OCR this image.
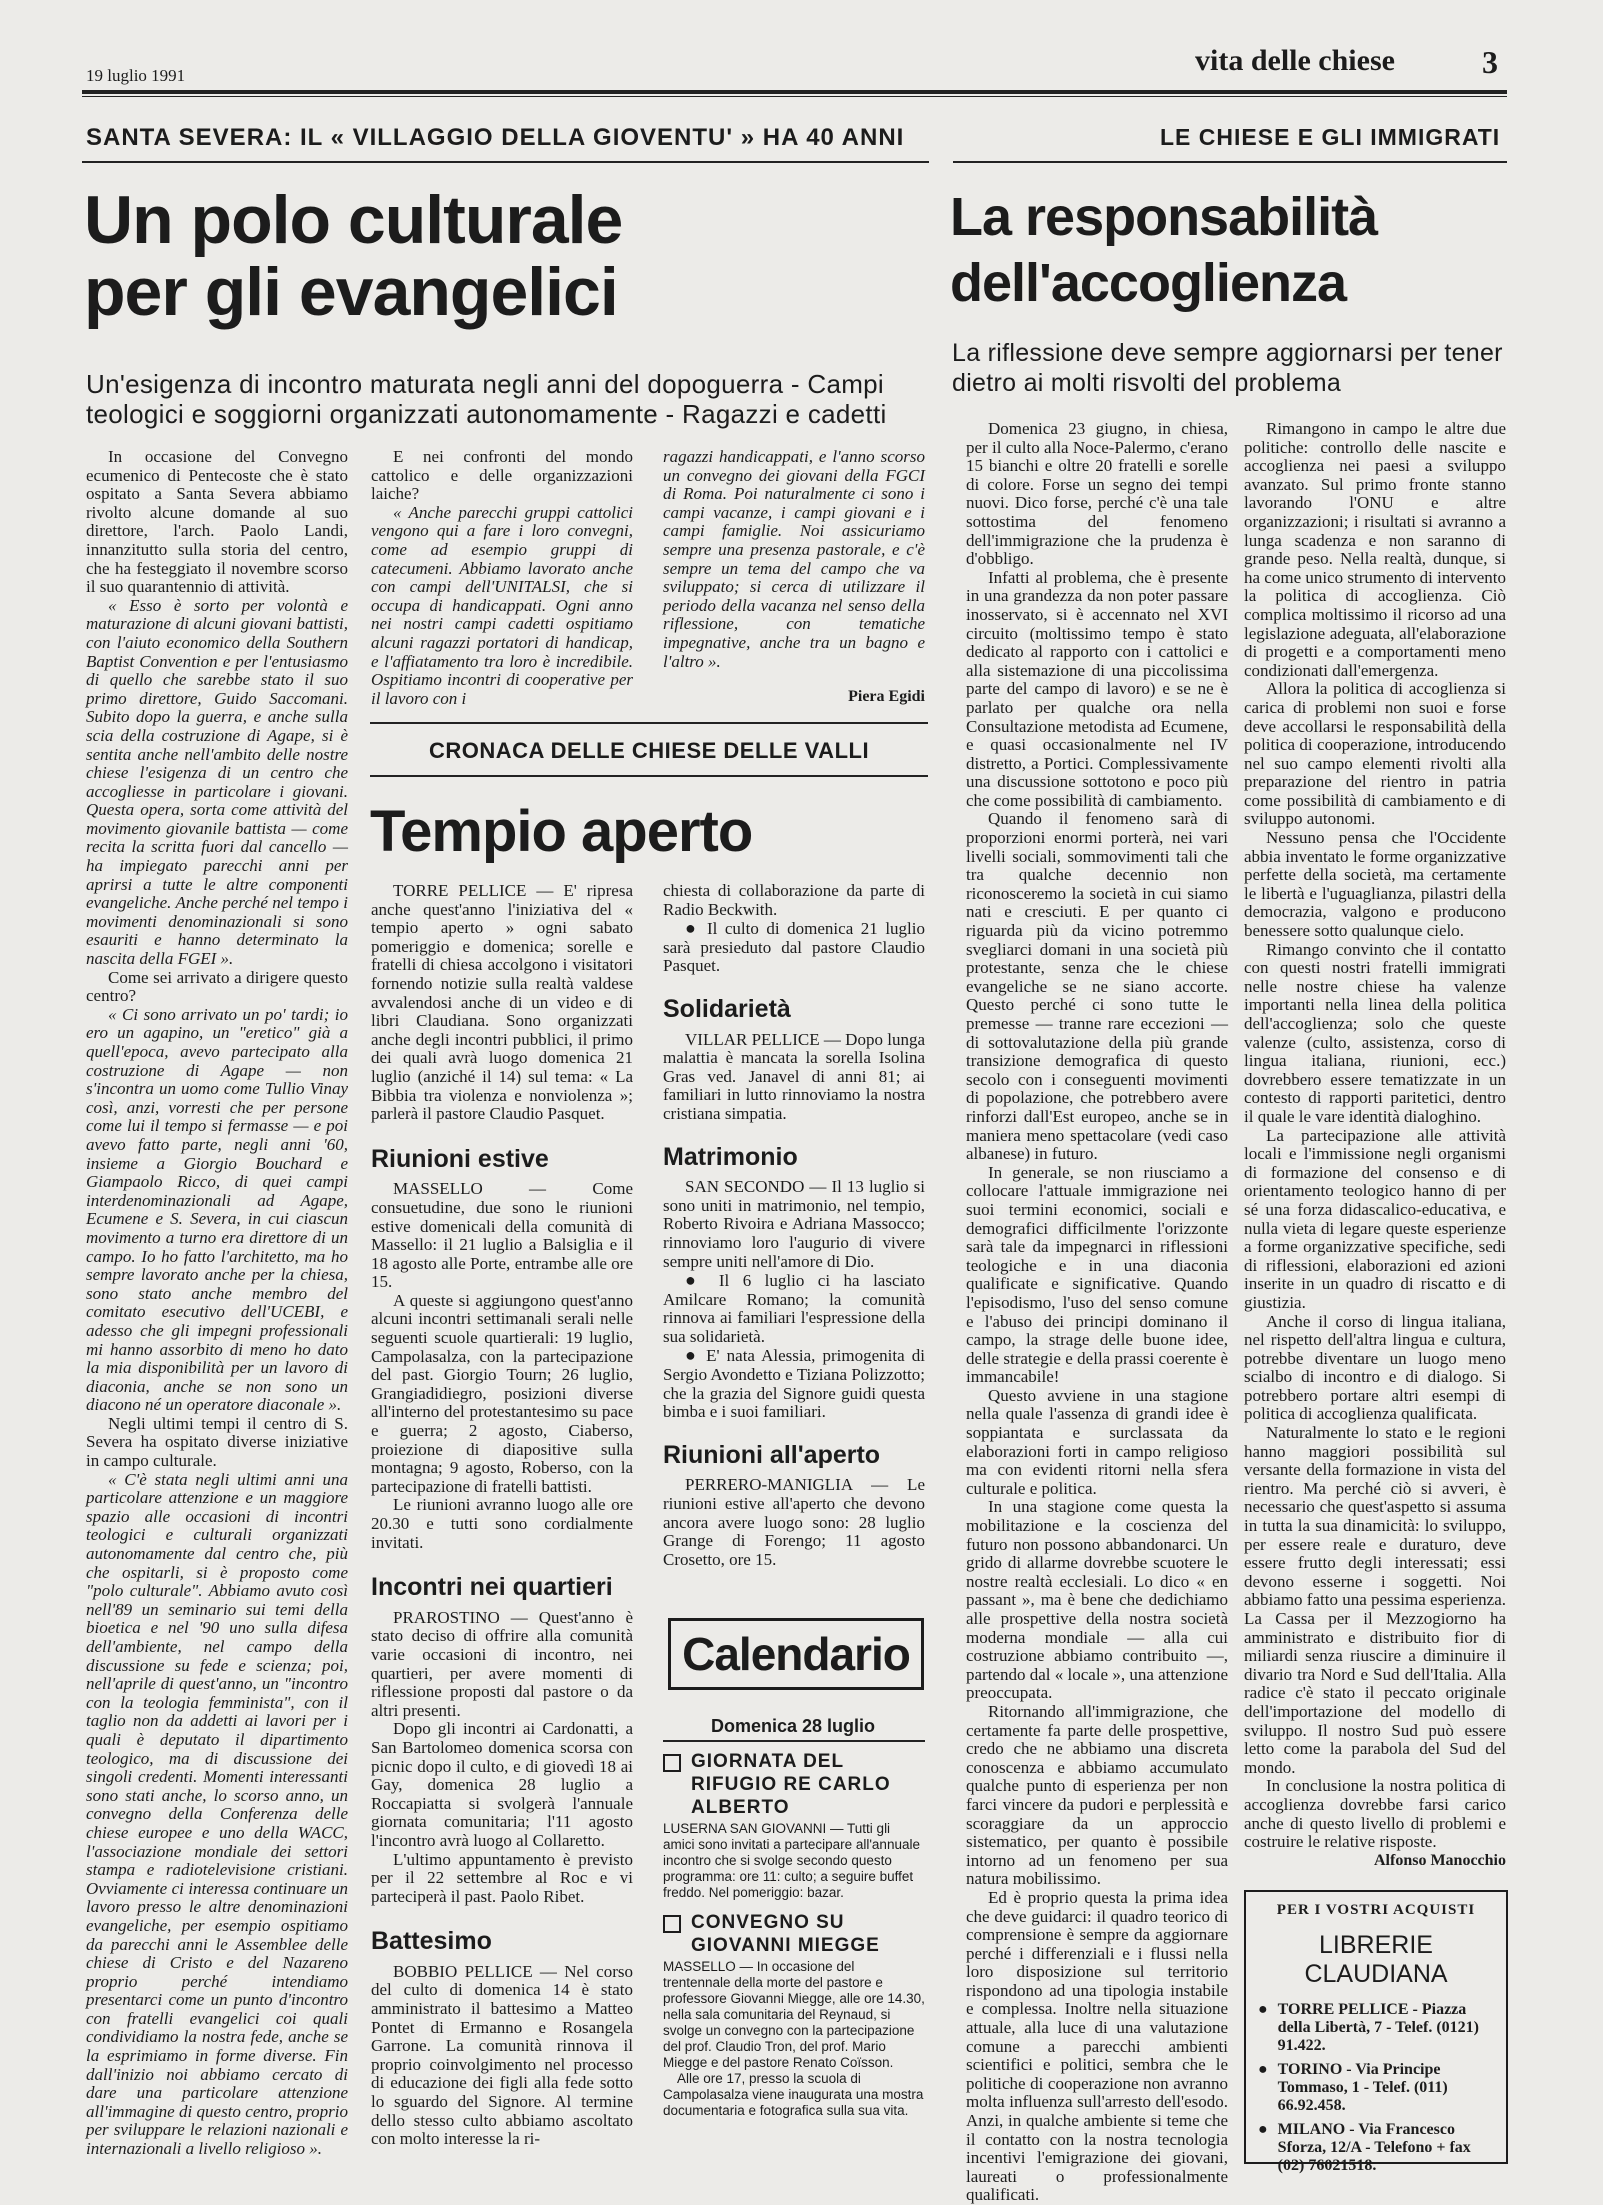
19 luglio 1991	vita delle chiese	3
SANTA SEVERA: IL « VILLAGGIO DELLA GIOVENTU' » HA 40 ANNI
Un polo culturale
per gli evangelici
Un'esigenza di incontro maturata negli anni del dopoguerra - Campi teologici e soggiorni organizzati autonomamente - Ragazzi e cadetti

In occasione del Convegno ecumenico di Pentecoste che è stato ospitato a Santa Severa abbiamo rivolto alcune domande al suo direttore, l'arch. Paolo Landi, innanzitutto sulla storia del centro, che ha festeggiato il novembre scorso il suo quarantennio di attività.

« Esso è sorto per volontà e maturazione di alcuni giovani battisti, con l'aiuto economico della Southern Baptist Convention e per l'entusiasmo di quello che sarebbe stato il suo primo direttore, Guido Saccomani. Subito dopo la guerra, e anche sulla scia della costruzione di Agape, si è sentita anche nell'ambito delle nostre chiese l'esigenza di un centro che accogliesse in particolare i giovani. Questa opera, sorta come attività del movimento giovanile battista — come recita la scritta fuori dal cancello — ha impiegato parecchi anni per aprirsi a tutte le altre componenti evangeliche. Anche perché nel tempo i movimenti denominazionali si sono esauriti e hanno determinato la nascita della FGEI ».

Come sei arrivato a dirigere questo centro?

« Ci sono arrivato un po' tardi; io ero un agapino, un "eretico" già a quell'epoca, avevo partecipato alla costruzione di Agape — non s'incontra un uomo come Tullio Vinay così, anzi, vorresti che per persone come lui il tempo si fermasse — e poi avevo fatto parte, negli anni '60, insieme a Giorgio Bouchard e Giampaolo Ricco, di quei campi interdenominazionali ad Agape, Ecumene e S. Severa, in cui ciascun movimento a turno era direttore di un campo. Io ho fatto l'architetto, ma ho sempre lavorato anche per la chiesa, sono stato anche membro del comitato esecutivo dell'UCEBI, e adesso che gli impegni professionali mi hanno assorbito di meno ho dato la mia disponibilità per un lavoro di diaconia, anche se non sono un diacono né un operatore diaconale ».

Negli ultimi tempi il centro di S. Severa ha ospitato diverse iniziative in campo culturale.

« C'è stata negli ultimi anni una particolare attenzione e un maggiore spazio alle occasioni di incontri teologici e culturali organizzati autonomamente dal centro che, più che ospitarli, si è proposto come "polo culturale". Abbiamo avuto così nell'89 un seminario sui temi della bioetica e nel '90 uno sulla difesa dell'ambiente, nel campo della discussione su fede e scienza; poi, nell'aprile di quest'anno, un "incontro con la teologia femminista", con il taglio non da addetti ai lavori per i quali è deputato il dipartimento teologico, ma di discussione dei singoli credenti. Momenti interessanti sono stati anche, lo scorso anno, un convegno della Conferenza delle chiese europee e uno della WACC, l'associazione mondiale dei settori stampa e radiotelevisione cristiani. Ovviamente ci interessa continuare un lavoro presso le altre denominazioni evangeliche, per esempio ospitiamo da parecchi anni le Assemblee delle chiese di Cristo e del Nazareno proprio perché intendiamo presentarci come un punto d'incontro con fratelli evangelici coi quali condividiamo la nostra fede, anche se la esprimiamo in forme diverse. Fin dall'inizio noi abbiamo cercato di dare una particolare attenzione all'immagine di questo centro, proprio per sviluppare le relazioni nazionali e internazionali a livello religioso ».

E nei confronti del mondo cattolico e delle organizzazioni laiche?

« Anche parecchi gruppi cattolici vengono qui a fare i loro convegni, come ad esempio gruppi di catecumeni. Abbiamo lavorato anche con campi dell'UNITALSI, che si occupa di handicappati. Ogni anno nei nostri campi cadetti ospitiamo alcuni ragazzi portatori di handicap, e l'affiatamento tra loro è incredibile. Ospitiamo incontri di cooperative per il lavoro con i

ragazzi handicappati, e l'anno scorso un convegno dei giovani della FGCI di Roma. Poi naturalmente ci sono i campi vacanze, i campi giovani e i campi famiglie. Noi assicuriamo sempre una presenza pastorale, e c'è sempre un tema del campo che va sviluppato; si cerca di utilizzare il periodo della vacanza nel senso della riflessione, con tematiche impegnative, anche tra un bagno e l'altro ».

Piera Egidi
CRONACA DELLE CHIESE DELLE VALLI
Tempio aperto

TORRE PELLICE — E' ripresa anche quest'anno l'iniziativa del « tempio aperto » ogni sabato pomeriggio e domenica; sorelle e fratelli di chiesa accolgono i visitatori fornendo notizie sulla realtà valdese avvalendosi anche di un video e di libri Claudiana. Sono organizzati anche degli incontri pubblici, il primo dei quali avrà luogo domenica 21 luglio (anziché il 14) sul tema: « La Bibbia tra violenza e nonviolenza »; parlerà il pastore Claudio Pasquet.

Riunioni estive

MASSELLO — Come consuetudine, due sono le riunioni estive domenicali della comunità di Massello: il 21 luglio a Balsiglia e il 18 agosto alle Porte, entrambe alle ore 15.

A queste si aggiungono quest'anno alcuni incontri settimanali serali nelle seguenti scuole quartierali: 19 luglio, Campolasalza, con la partecipazione del past. Giorgio Tourn; 26 luglio, Grangiadidiegro, posizioni diverse all'interno del protestantesimo su pace e guerra; 2 agosto, Ciaberso, proiezione di diapositive sulla montagna; 9 agosto, Roberso, con la partecipazione di fratelli battisti.

Le riunioni avranno luogo alle ore 20.30 e tutti sono cordialmente invitati.

Incontri nei quartieri

PRAROSTINO — Quest'anno è stato deciso di offrire alla comunità varie occasioni di incontro, nei quartieri, per avere momenti di riflessione proposti dal pastore o da altri presenti.

Dopo gli incontri ai Cardonatti, a San Bartolomeo domenica scorsa con picnic dopo il culto, e di giovedì 18 ai Gay, domenica 28 luglio a Roccapiatta si svolgerà l'annuale giornata comunitaria; l'11 agosto l'incontro avrà luogo al Collaretto.

L'ultimo appuntamento è previsto per il 22 settembre al Roc e vi parteciperà il past. Paolo Ribet.

Battesimo

BOBBIO PELLICE — Nel corso del culto di domenica 14 è stato amministrato il battesimo a Matteo Pontet di Ermanno e Rosangela Garrone. La comunità rinnova il proprio coinvolgimento nel processo di educazione dei figli alla fede sotto lo sguardo del Signore. Al termine dello stesso culto abbiamo ascoltato con molto interesse la ri-

chiesta di collaborazione da parte di Radio Beckwith.

● Il culto di domenica 21 luglio sarà presieduto dal pastore Claudio Pasquet.

Solidarietà

VILLAR PELLICE — Dopo lunga malattia è mancata la sorella Isolina Gras ved. Janavel di anni 81; ai familiari in lutto rinnoviamo la nostra cristiana simpatia.

Matrimonio

SAN SECONDO — Il 13 luglio si sono uniti in matrimonio, nel tempio, Roberto Rivoira e Adriana Massocco; rinnoviamo loro l'augurio di vivere sempre uniti nell'amore di Dio.

● Il 6 luglio ci ha lasciato Amilcare Romano; la comunità rinnova ai familiari l'espressione della sua solidarietà.

● E' nata Alessia, primogenita di Sergio Avondetto e Tiziana Polizzotto; che la grazia del Signore guidi questa bimba e i suoi familiari.

Riunioni all'aperto

PERRERO-MANIGLIA — Le riunioni estive all'aperto che devono ancora avere luogo sono: 28 luglio Grange di Forengo; 11 agosto Crosetto, ore 15.

Calendario
Domenica 28 luglio
GIORNATA DEL RIFUGIO RE CARLO ALBERTO
LUSERNA SAN GIOVANNI — Tutti gli amici sono invitati a partecipare all'annuale incontro che si svolge secondo questo programma: ore 11: culto; a seguire buffet freddo. Nel pomeriggio: bazar.
CONVEGNO SU GIOVANNI MIEGGE
MASSELLO — In occasione del trentennale della morte del pastore e professore Giovanni Miegge, alle ore 14.30, nella sala comunitaria del Reynaud, si svolge un convegno con la partecipazione del prof. Claudio Tron, del prof. Mario Miegge e del pastore Renato Coïsson.
Alle ore 17, presso la scuola di Campolasalza viene inaugurata una mostra documentaria e fotografica sulla sua vita.
LE CHIESE E GLI IMMIGRATI
La responsabilità
dell'accoglienza
La riflessione deve sempre aggiornarsi per tener dietro ai molti risvolti del problema

Domenica 23 giugno, in chiesa, per il culto alla Noce-Palermo, c'erano 15 bianchi e oltre 20 fratelli e sorelle di colore. Forse un segno dei tempi nuovi. Dico forse, perché c'è una tale sottostima del fenomeno dell'immigrazione che la prudenza è d'obbligo.

Infatti al problema, che è presente in una grandezza da non poter passare inosservato, si è accennato nel XVI circuito (moltissimo tempo è stato dedicato al rapporto con i cattolici e alla sistemazione di una piccolissima parte del campo di lavoro) e se ne è parlato per qualche ora nella Consultazione metodista ad Ecumene, e quasi occasionalmente nel IV distretto, a Portici. Complessivamente una discussione sottotono e poco più che come possibilità di cambiamento.

Quando il fenomeno sarà di proporzioni enormi porterà, nei vari livelli sociali, sommovimenti tali che tra qualche decennio non riconosceremo la società in cui siamo nati e cresciuti. E per quanto ci riguarda più da vicino potremmo svegliarci domani in una società più protestante, senza che le chiese evangeliche se ne siano accorte. Questo perché ci sono tutte le premesse — tranne rare eccezioni — di sottovalutazione della più grande transizione demografica di questo secolo con i conseguenti movimenti di popolazione, che potrebbero avere rinforzi dall'Est europeo, anche se in maniera meno spettacolare (vedi caso albanese) in futuro.

In generale, se non riusciamo a collocare l'attuale immigrazione nei suoi termini economici, sociali e demografici difficilmente l'orizzonte sarà tale da impegnarci in riflessioni teologiche e in una diaconia qualificate e significative. Quando l'episodismo, l'uso del senso comune e l'abuso dei principi dominano il campo, la strage delle buone idee, delle strategie e della prassi coerente è immancabile!

Questo avviene in una stagione nella quale l'assenza di grandi idee è soppiantata e surclassata da elaborazioni forti in campo religioso ma con evidenti ritorni nella sfera culturale e politica.

In una stagione come questa la mobilitazione e la coscienza del futuro non possono abbandonarci. Un grido di allarme dovrebbe scuotere le nostre realtà ecclesiali. Lo dico « en passant », ma è bene che dedichiamo alle prospettive della nostra società moderna mondiale — alla cui costruzione abbiamo contribuito —, partendo dal « locale », una attenzione preoccupata.

Ritornando all'immigrazione, che certamente fa parte delle prospettive, credo che ne abbiamo una discreta conoscenza e abbiamo accumulato qualche punto di esperienza per non farci vincere da pudori e perplessità e scoraggiare da un approccio sistematico, per quanto è possibile intorno ad un fenomeno per sua natura mobilissimo.

Ed è proprio questa la prima idea che deve guidarci: il quadro teorico di comprensione è sempre da aggiornare perché i differenziali e i flussi nella loro disposizione sul territorio rispondono ad una tipologia instabile e complessa. Inoltre nella situazione attuale, alla luce di una valutazione comune a parecchi ambienti scientifici e politici, sembra che le politiche di cooperazione non avranno molta influenza sull'arresto dell'esodo. Anzi, in qualche ambiente si teme che il contatto con la nostra tecnologia incentivi l'emigrazione dei giovani, laureati o professionalmente qualificati.

Rimangono in campo le altre due politiche: controllo delle nascite e accoglienza nei paesi a sviluppo avanzato. Sul primo fronte stanno lavorando l'ONU e altre organizzazioni; i risultati si avranno a lunga scadenza e non saranno di grande peso. Nella realtà, dunque, si ha come unico strumento di intervento la politica di accoglienza. Ciò complica moltissimo il ricorso ad una legislazione adeguata, all'elaborazione di progetti e a comportamenti meno condizionati dall'emergenza.

Allora la politica di accoglienza si carica di problemi non suoi e forse deve accollarsi le responsabilità della politica di cooperazione, introducendo nel suo campo elementi rivolti alla preparazione del rientro in patria come possibilità di cambiamento e di sviluppo autonomi.

Nessuno pensa che l'Occidente abbia inventato le forme organizzative perfette della società, ma certamente le libertà e l'uguaglianza, pilastri della democrazia, valgono e producono benessere sotto qualunque cielo.

Rimango convinto che il contatto con questi nostri fratelli immigrati nelle nostre chiese ha valenze importanti nella linea della politica dell'accoglienza; solo che queste valenze (culto, assistenza, corso di lingua italiana, riunioni, ecc.) dovrebbero essere tematizzate in un contesto di rapporti paritetici, dentro il quale le vare identità dialoghino.

La partecipazione alle attività locali e l'immissione negli organismi di formazione del consenso e di orientamento teologico hanno di per sé una forza didascalico-educativa, e nulla vieta di legare queste esperienze a forme organizzative specifiche, sedi di riflessioni, elaborazioni ed azioni inserite in un quadro di riscatto e di giustizia.

Anche il corso di lingua italiana, nel rispetto dell'altra lingua e cultura, potrebbe diventare un luogo meno scialbo di incontro e di dialogo. Si potrebbero portare altri esempi di politica di accoglienza qualificata.

Naturalmente lo stato e le regioni hanno maggiori possibilità sul versante della formazione in vista del rientro. Ma perché ciò si avveri, è necessario che quest'aspetto si assuma in tutta la sua dinamicità: lo sviluppo, per essere reale e duraturo, deve essere frutto degli interessati; essi devono esserne i soggetti. Noi abbiamo fatto una pessima esperienza. La Cassa per il Mezzogiorno ha amministrato e distribuito fior di miliardi senza riuscire a diminuire il divario tra Nord e Sud dell'Italia. Alla radice c'è stato il peccato originale dell'importazione del modello di sviluppo. Il nostro Sud può essere letto come la parabola del Sud del mondo.

In conclusione la nostra politica di accoglienza dovrebbe farsi carico anche di questo livello di problemi e costruire le relative risposte.

Alfonso Manocchio
PER I VOSTRI ACQUISTI
LIBRERIE
CLAUDIANA
● TORRE PELLICE - Piazza della Libertà, 7 - Telef. (0121) 91.422.
● TORINO - Via Principe Tommaso, 1 - Telef. (011) 66.92.458.
● MILANO - Via Francesco Sforza, 12/A - Telefono + fax (02) 76021518.
